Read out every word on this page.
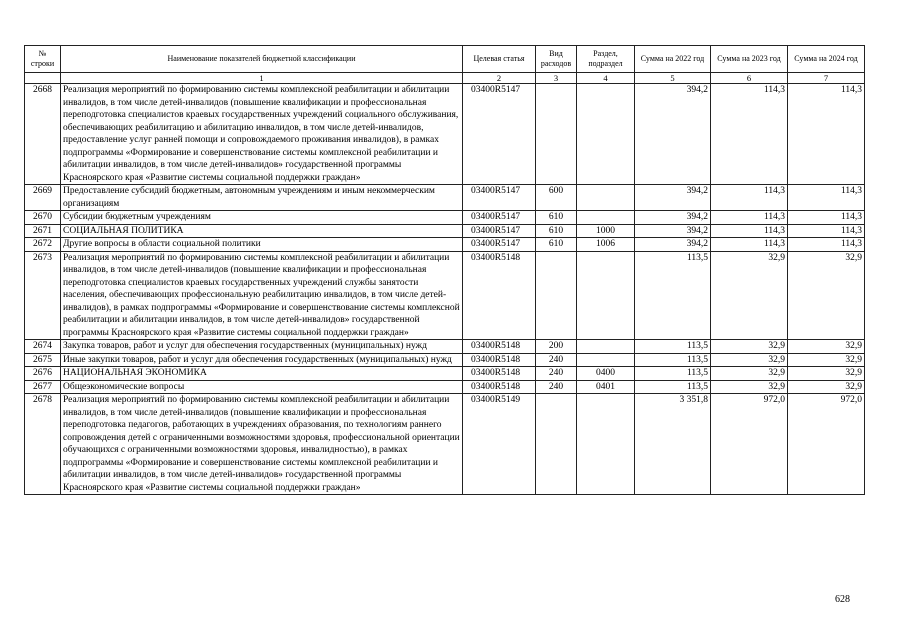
№ строки	Наименование показателей бюджетной классификации	Целевая статья	Вид расходов	Раздел, подраздел	Сумма на 2022 год	Сумма на 2023 год	Сумма на 2024 год
	1	2	3	4	5	6	7
2668	Реализация мероприятий по формированию системы комплексной реабилитации и абилитации инвалидов, в том числе детей-инвалидов (повышение квалификации и профессиональная переподготовка специалистов краевых государственных учреждений социального обслуживания, обеспечивающих реабилитацию и абилитацию инвалидов, в том числе детей-инвалидов, предоставление услуг ранней помощи и сопровождаемого проживания инвалидов), в рамках подпрограммы «Формирование и совершенствование системы комплексной реабилитации и абилитации инвалидов, в том числе детей-инвалидов» государственной программы Красноярского края «Развитие системы социальной поддержки граждан»	03400R5147			394,2	114,3	114,3
2669	Предоставление субсидий бюджетным, автономным учреждениям и иным некоммерческим организациям	03400R5147	600		394,2	114,3	114,3
2670	Субсидии бюджетным учреждениям	03400R5147	610		394,2	114,3	114,3
2671	СОЦИАЛЬНАЯ ПОЛИТИКА	03400R5147	610	1000	394,2	114,3	114,3
2672	Другие вопросы в области социальной политики	03400R5147	610	1006	394,2	114,3	114,3
2673	Реализация мероприятий по формированию системы комплексной реабилитации и абилитации инвалидов, в том числе детей-инвалидов (повышение квалификации и профессиональная переподготовка специалистов краевых государственных учреждений службы занятости населения, обеспечивающих профессиональную реабилитацию инвалидов, в том числе детей-инвалидов), в рамках подпрограммы «Формирование и совершенствование системы комплексной реабилитации и абилитации инвалидов, в том числе детей-инвалидов» государственной программы Красноярского края «Развитие системы социальной поддержки граждан»	03400R5148			113,5	32,9	32,9
2674	Закупка товаров, работ и услуг для обеспечения государственных (муниципальных) нужд	03400R5148	200		113,5	32,9	32,9
2675	Иные закупки товаров, работ и услуг для обеспечения государственных (муниципальных) нужд	03400R5148	240		113,5	32,9	32,9
2676	НАЦИОНАЛЬНАЯ ЭКОНОМИКА	03400R5148	240	0400	113,5	32,9	32,9
2677	Общеэкономические вопросы	03400R5148	240	0401	113,5	32,9	32,9
2678	Реализация мероприятий по формированию системы комплексной реабилитации и абилитации инвалидов, в том числе детей-инвалидов (повышение квалификации и профессиональная переподготовка педагогов, работающих в учреждениях образования, по технологиям раннего сопровождения детей с ограниченными возможностями здоровья, профессиональной ориентации обучающихся с ограниченными возможностями здоровья, инвалидностью), в рамках подпрограммы «Формирование и совершенствование системы комплексной реабилитации и абилитации инвалидов, в том числе детей-инвалидов» государственной программы Красноярского края «Развитие системы социальной поддержки граждан»	03400R5149			3 351,8	972,0	972,0
628
